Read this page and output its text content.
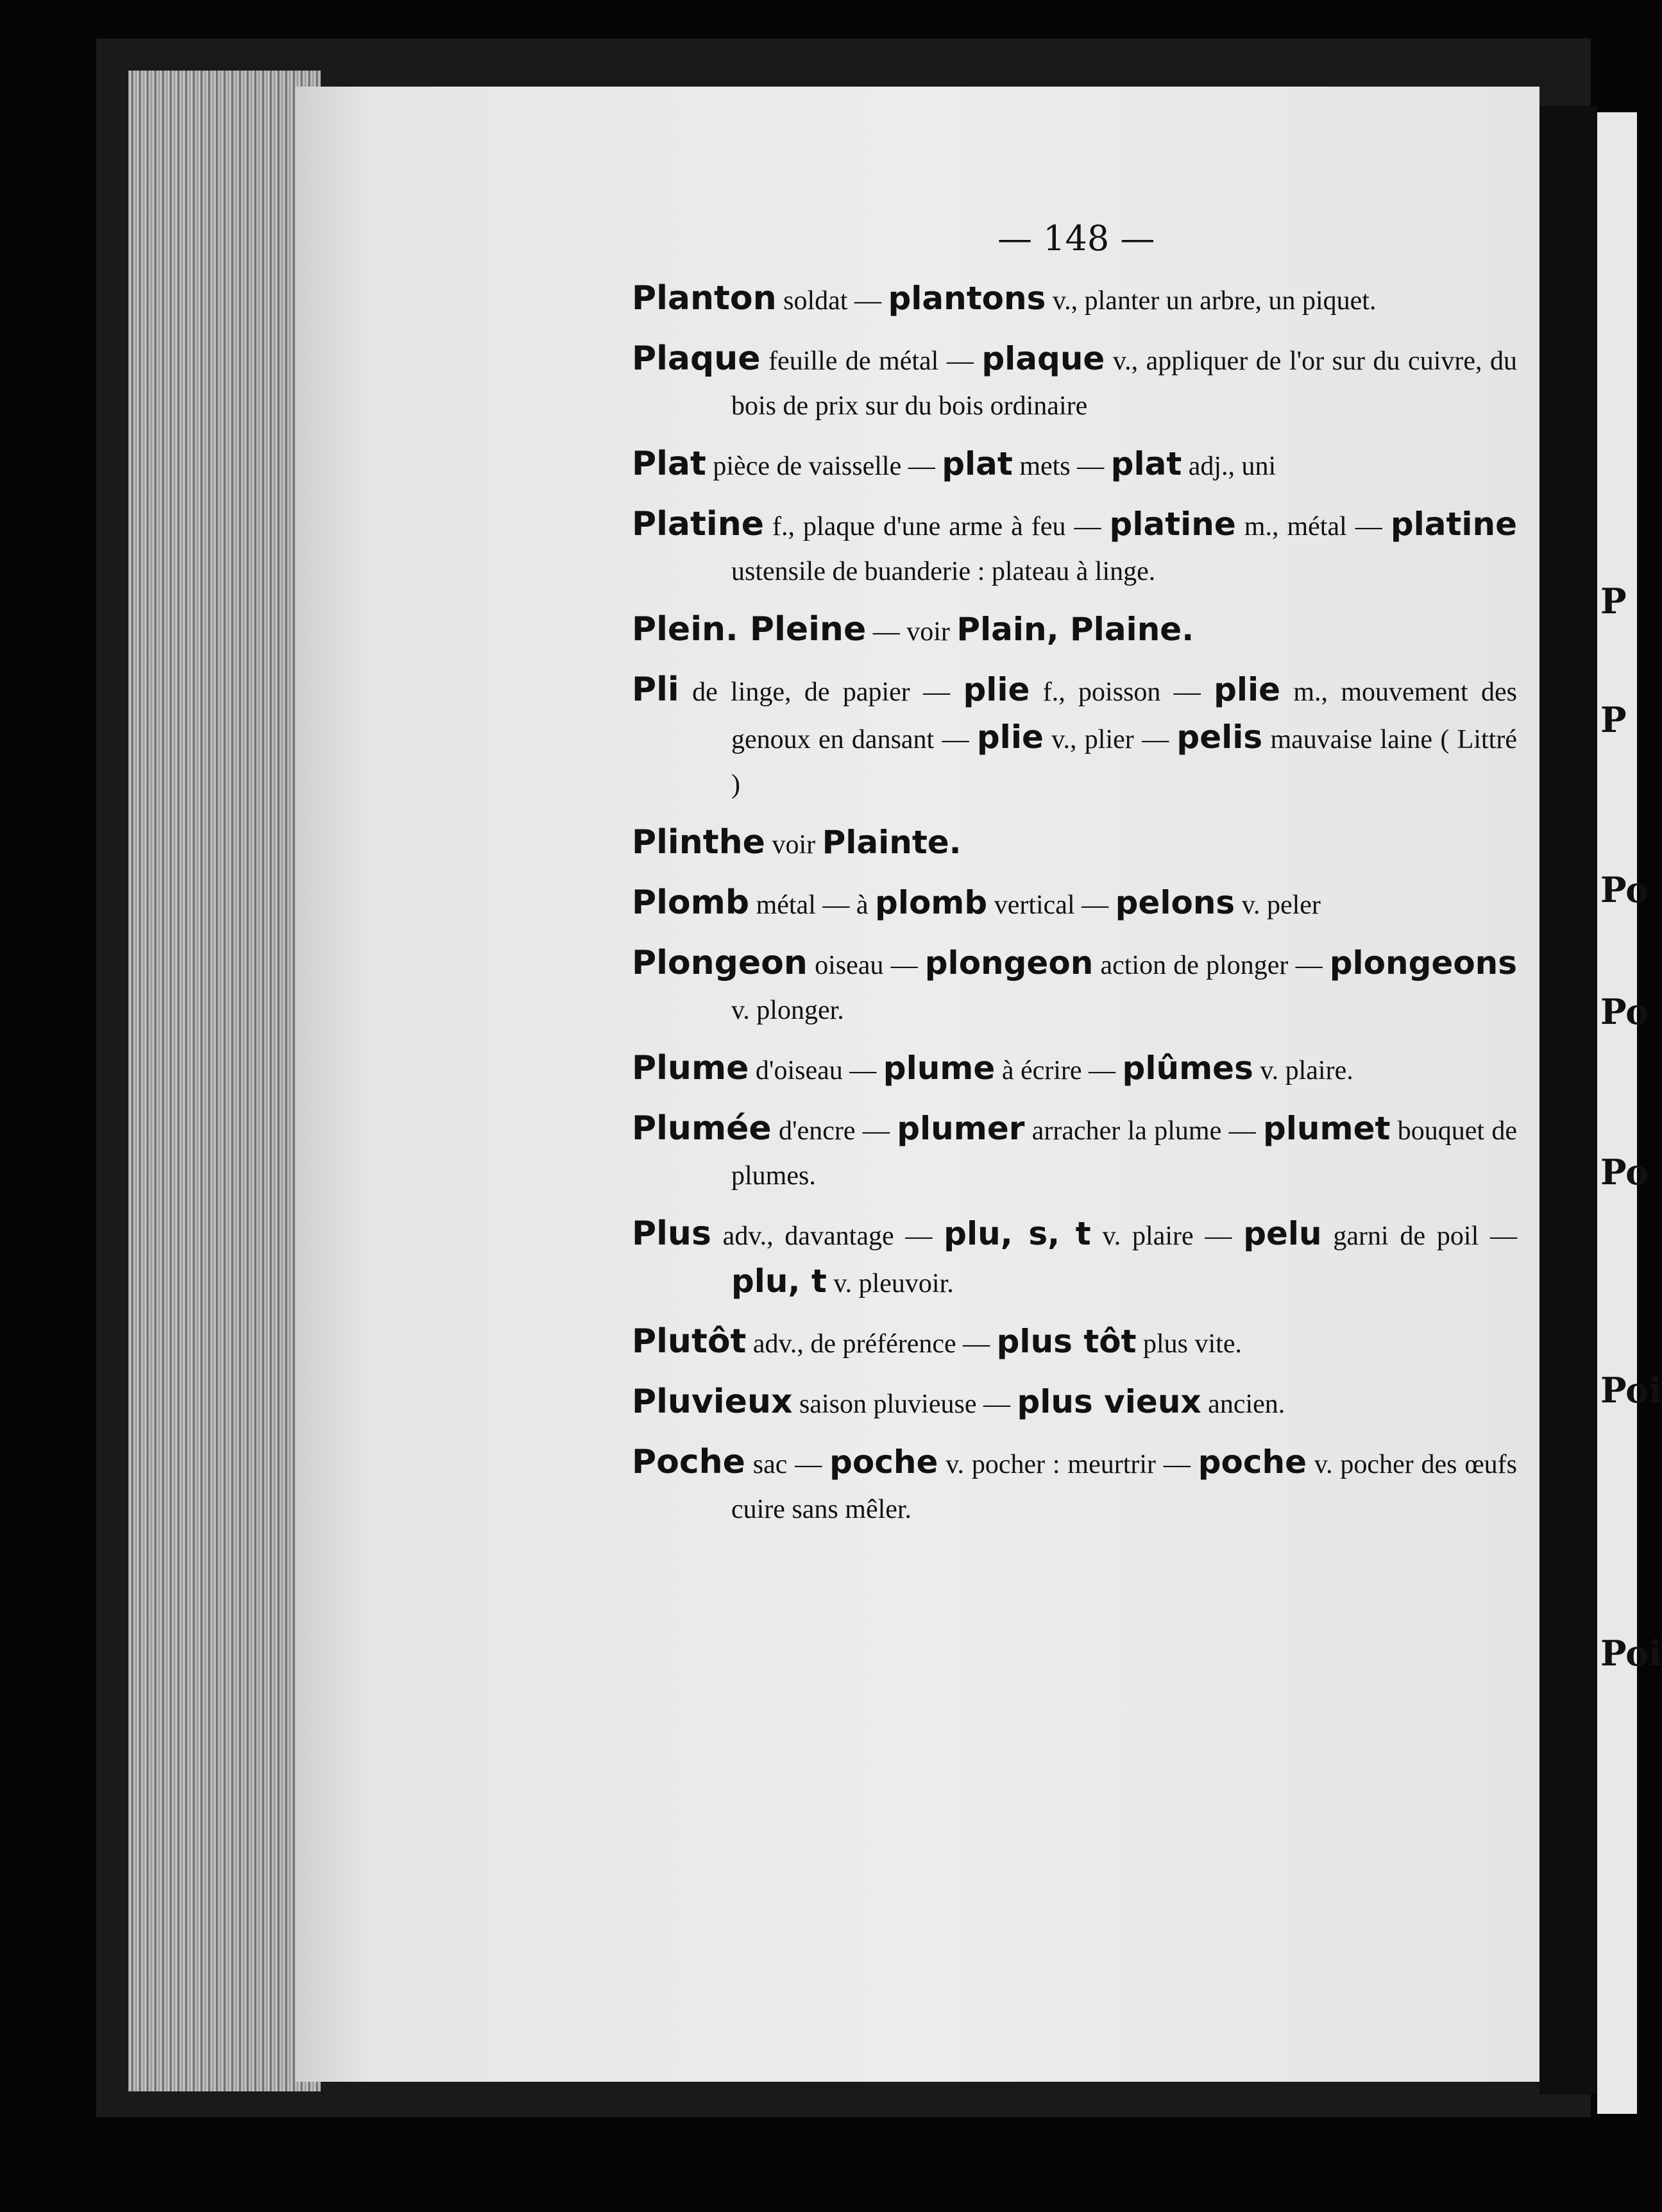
P
P
Po
Po
Po
Poi
Poi
— 148 —

Planton soldat — plantons v., planter un arbre, un piquet.

Plaque feuille de métal — plaque v., appliquer de l'or sur du cuivre, du bois de prix sur du bois ordinaire

Plat pièce de vaisselle — plat mets — plat adj., uni

Platine f., plaque d'une arme à feu — platine m., métal — platine ustensile de buanderie : plateau à linge.

Plein. Pleine — voir Plain, Plaine.

Pli de linge, de papier — plie f., poisson — plie m., mouvement des genoux en dansant — plie v., plier — pelis mauvaise laine ( Littré )

Plinthe voir Plainte.

Plomb métal — à plomb vertical — pelons v. peler

Plongeon oiseau — plongeon action de plonger — plongeons v. plonger.

Plume d'oiseau — plume à écrire — plûmes v. plaire.

Plumée d'encre — plumer arracher la plume — plumet bouquet de plumes.

Plus adv., davantage — plu, s, t v. plaire — pelu garni de poil — plu, t v. pleuvoir.

Plutôt adv., de préférence — plus tôt plus vite.

Pluvieux saison pluvieuse — plus vieux ancien.

Poche sac — poche v. pocher : meurtrir — poche v. pocher des œufs cuire sans mêler.
